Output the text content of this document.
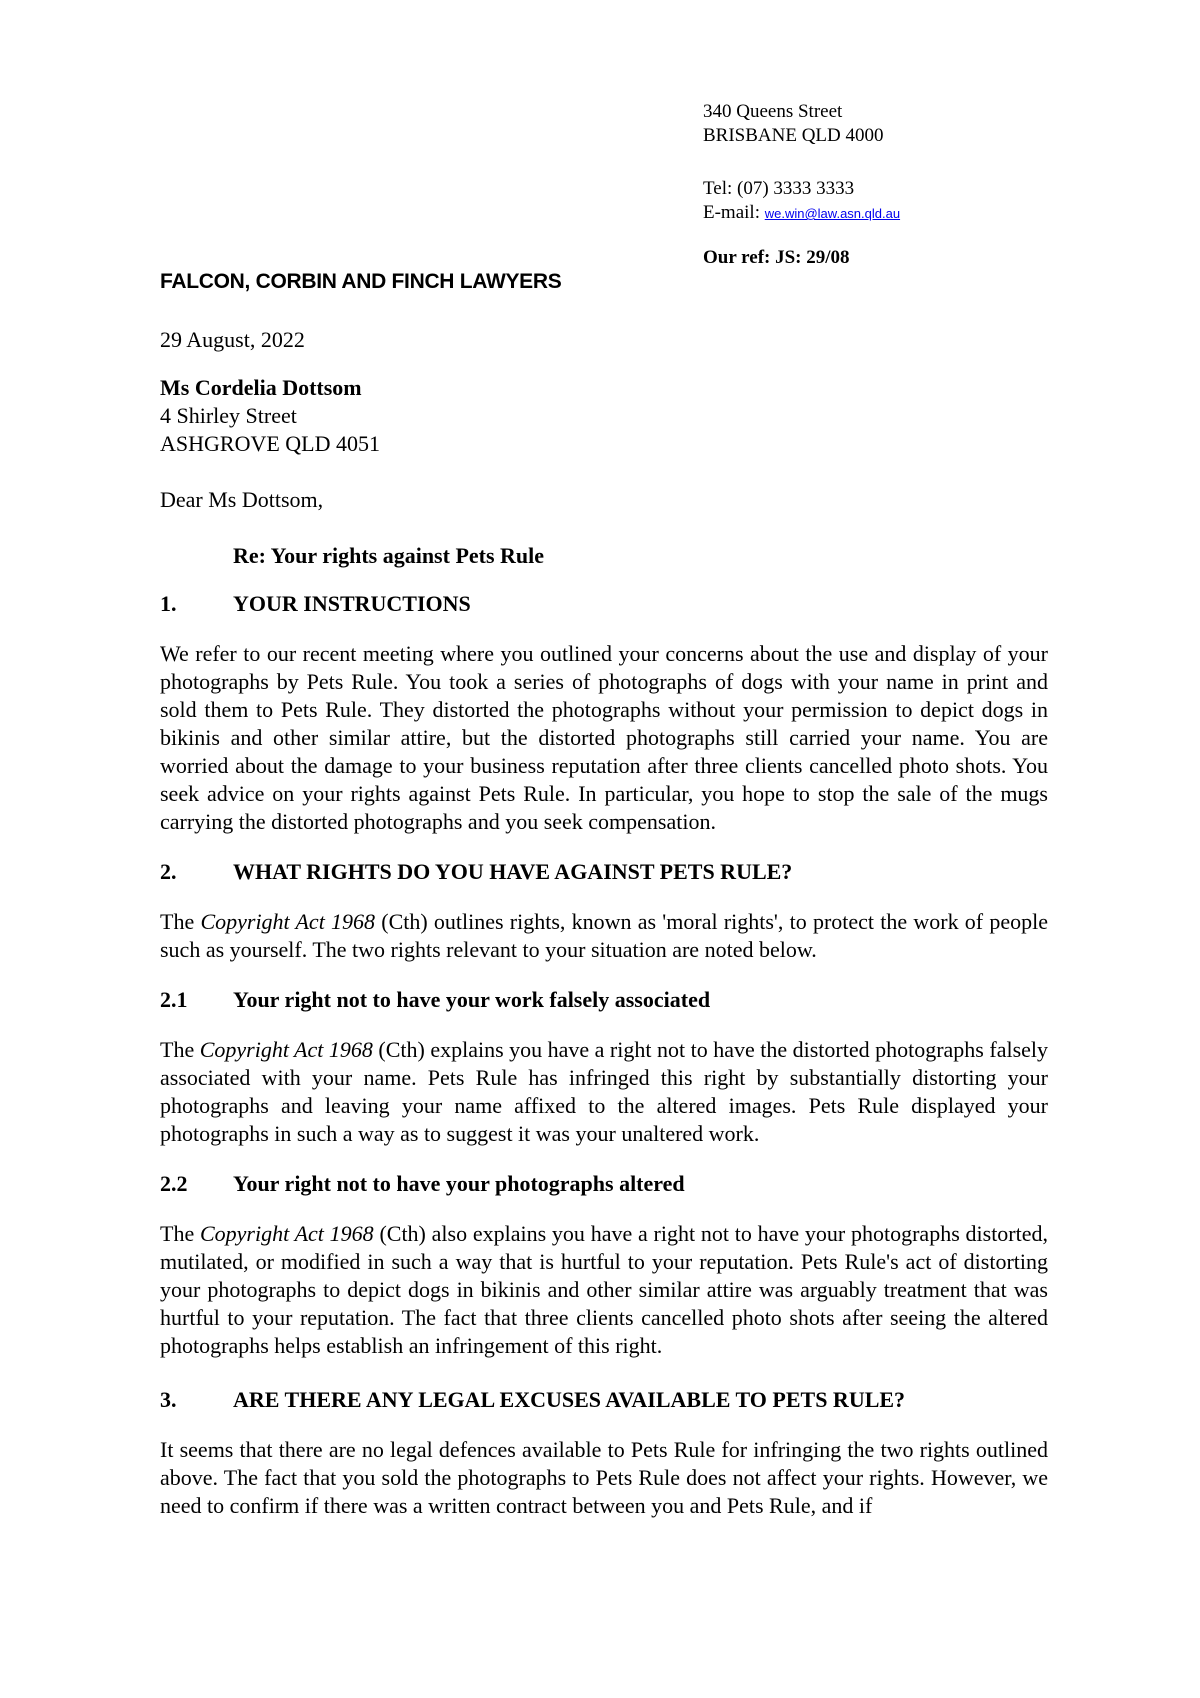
340 Queens Street
BRISBANE QLD 4000
Tel: (07) 3333 3333
E-mail: we.win@law.asn.qld.au
Our ref: JS: 29/08
FALCON, CORBIN AND FINCH LAWYERS

29 August, 2022

Ms Cordelia Dottsom

4 Shirley Street

ASHGROVE QLD 4051

Dear Ms Dottsom,

Re: Your rights against Pets Rule

1.	YOUR INSTRUCTIONS

We refer to our recent meeting where you outlined your concerns about the use and display of your photographs by Pets Rule. You took a series of photographs of dogs with your name in print and sold them to Pets Rule. They distorted the photographs without your permission to depict dogs in bikinis and other similar attire, but the distorted photographs still carried your name. You are worried about the damage to your business reputation after three clients cancelled photo shots. You seek advice on your rights against Pets Rule. In particular, you hope to stop the sale of the mugs carrying the distorted photographs and you seek compensation.

2.	WHAT RIGHTS DO YOU HAVE AGAINST PETS RULE?

The Copyright Act 1968 (Cth) outlines rights, known as 'moral rights', to protect the work of people such as yourself. The two rights relevant to your situation are noted below.

2.1	Your right not to have your work falsely associated

The Copyright Act 1968 (Cth) explains you have a right not to have the distorted photographs falsely associated with your name. Pets Rule has infringed this right by substantially distorting your photographs and leaving your name affixed to the altered images. Pets Rule displayed your photographs in such a way as to suggest it was your unaltered work.

2.2	Your right not to have your photographs altered

The Copyright Act 1968 (Cth) also explains you have a right not to have your photographs distorted, mutilated, or modified in such a way that is hurtful to your reputation. Pets Rule's act of distorting your photographs to depict dogs in bikinis and other similar attire was arguably treatment that was hurtful to your reputation. The fact that three clients cancelled photo shots after seeing the altered photographs helps establish an infringement of this right.

3.	ARE THERE ANY LEGAL EXCUSES AVAILABLE TO PETS RULE?

It seems that there are no legal defences available to Pets Rule for infringing the two rights outlined above. The fact that you sold the photographs to Pets Rule does not affect your rights. However, we need to confirm if there was a written contract between you and Pets Rule, and if
